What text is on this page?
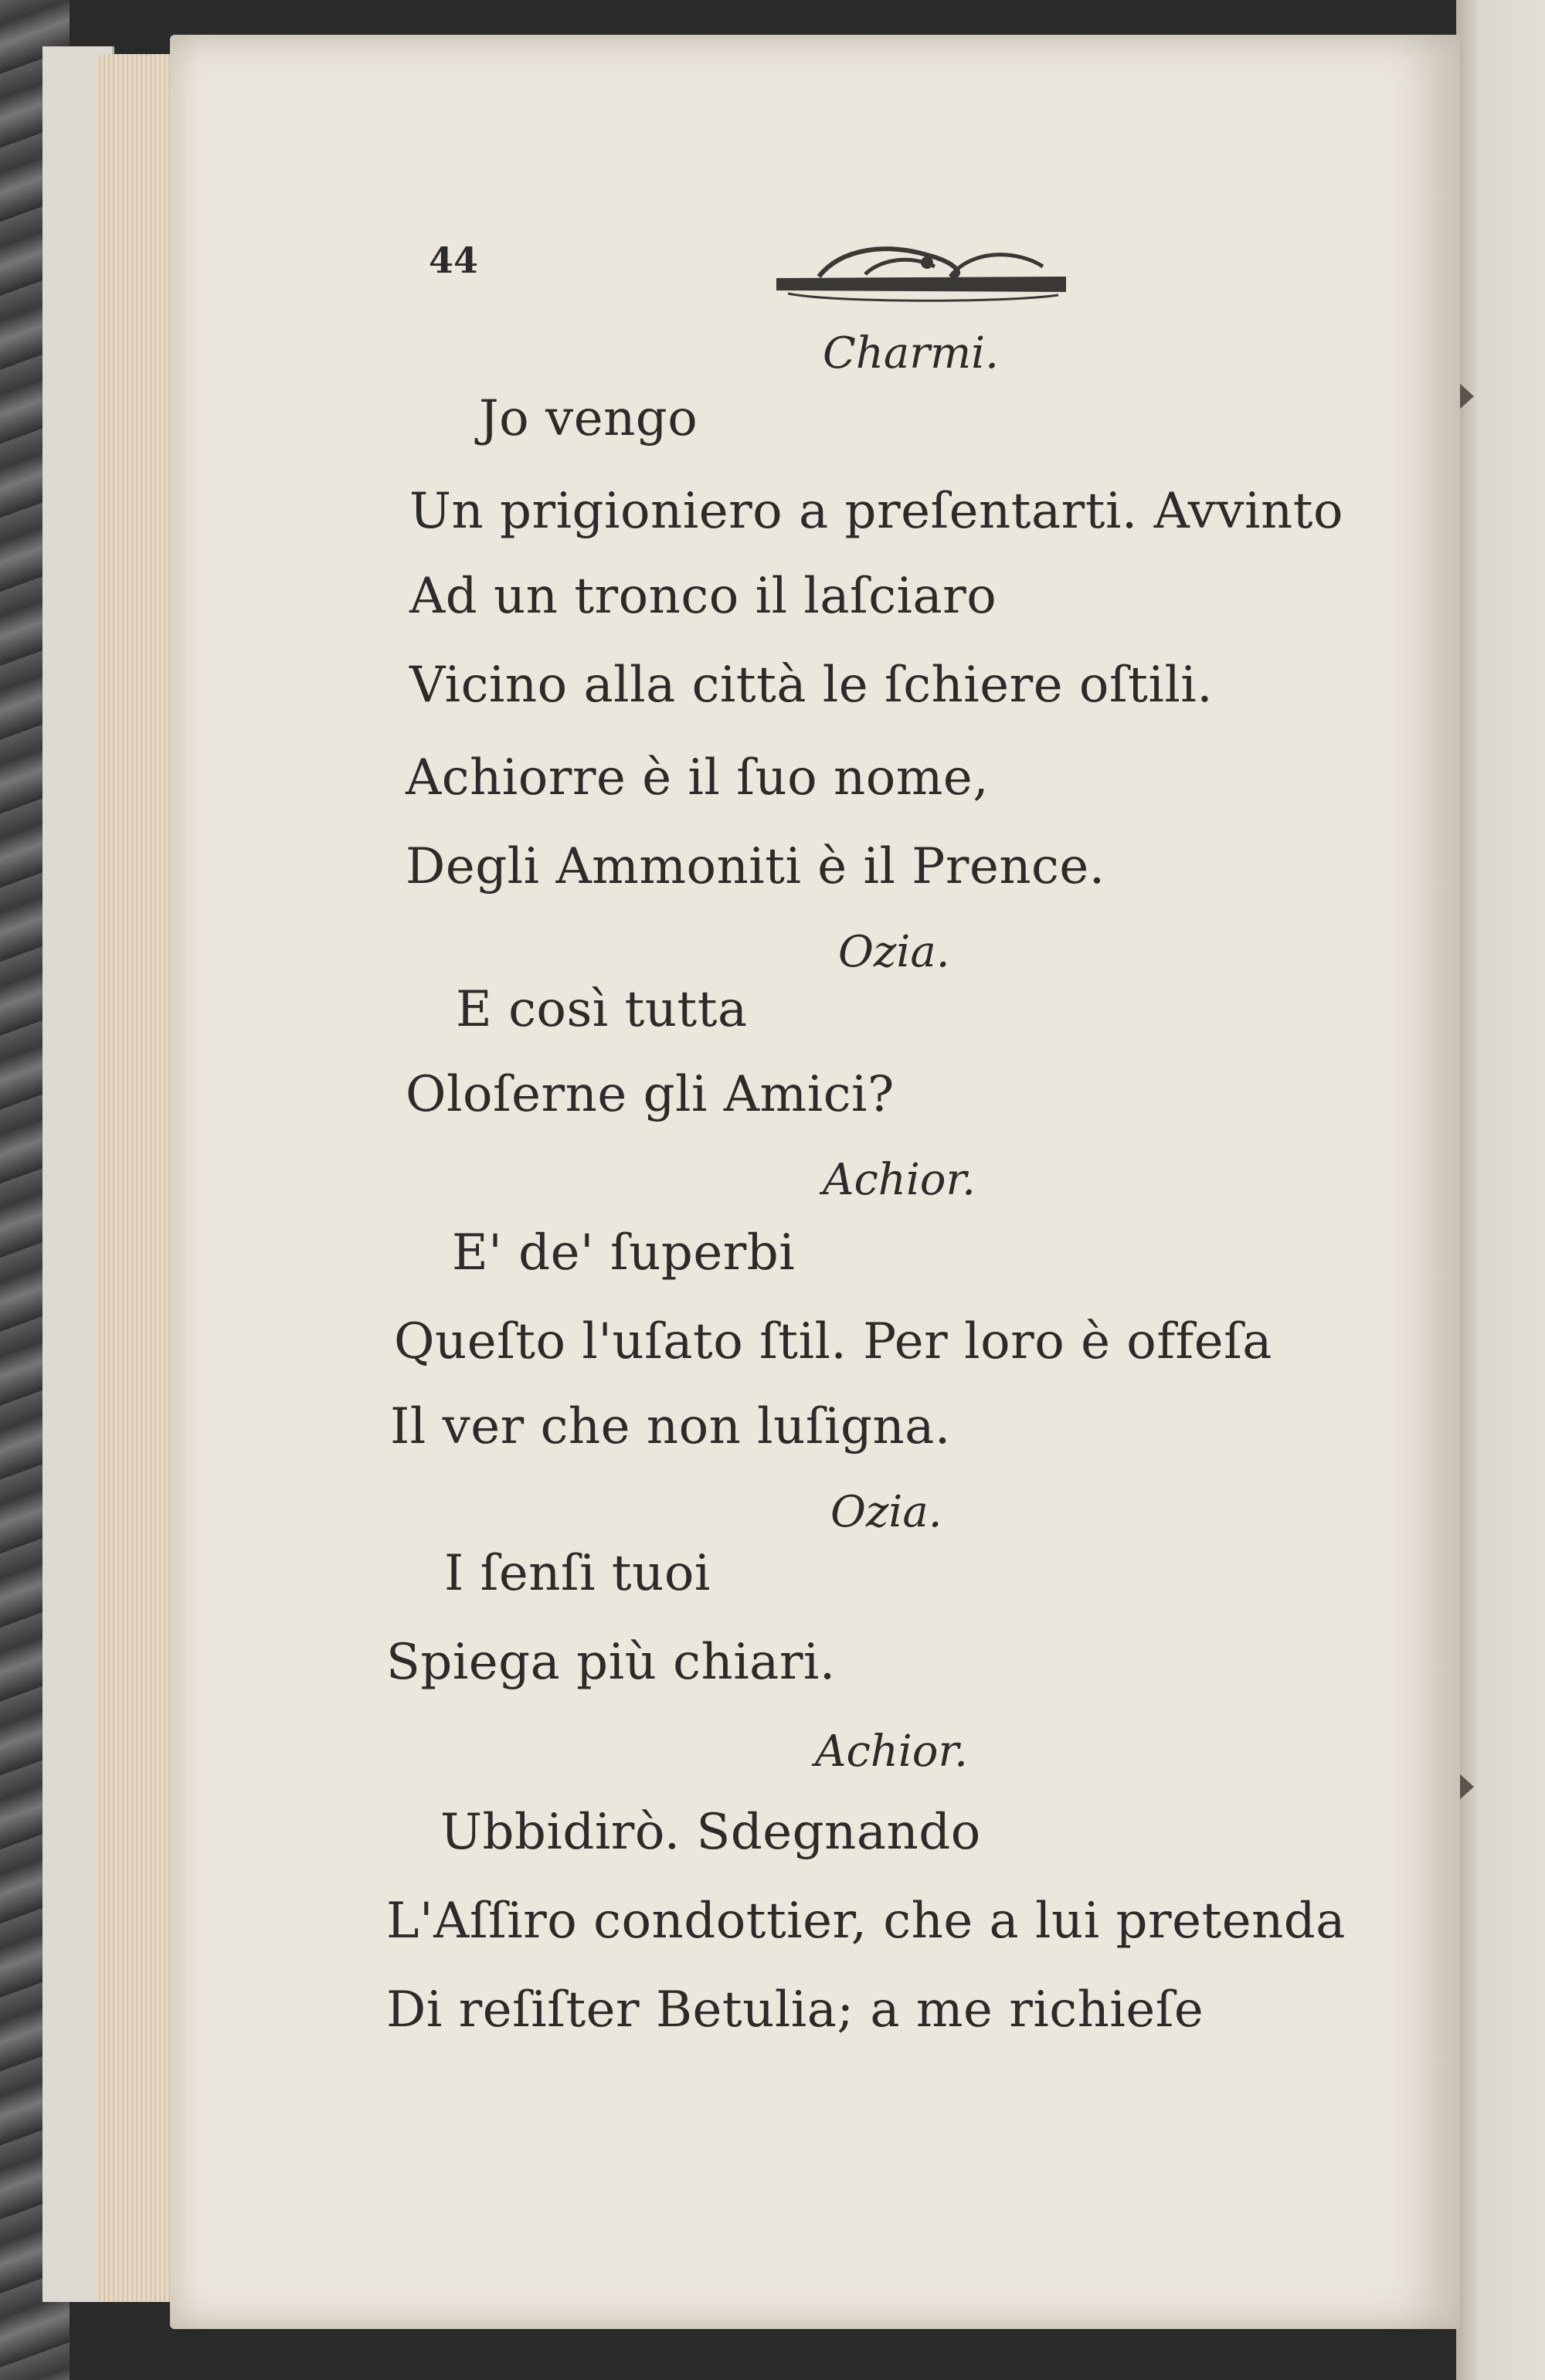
44
Charmi.
Jo vengo
Un prigioniero a preſentarti. Avvinto
Ad un tronco il laſciaro
Vicino alla città le ſchiere oſtili.
Achiorre è il ſuo nome,
Degli Ammoniti è il Prence.
Ozia.
E così tutta
Oloſerne gli Amici?
Achior.
E' de' ſuperbi
Queſto l'uſato ſtil. Per loro è offeſa
Il ver che non luſigna.
Ozia.
I ſenſi tuoi
Spiega più chiari.
Achior.
Ubbidirò. Sdegnando
L'Aſſiro condottier, che a lui pretenda
Di reſiſter Betulia; a me richieſe
